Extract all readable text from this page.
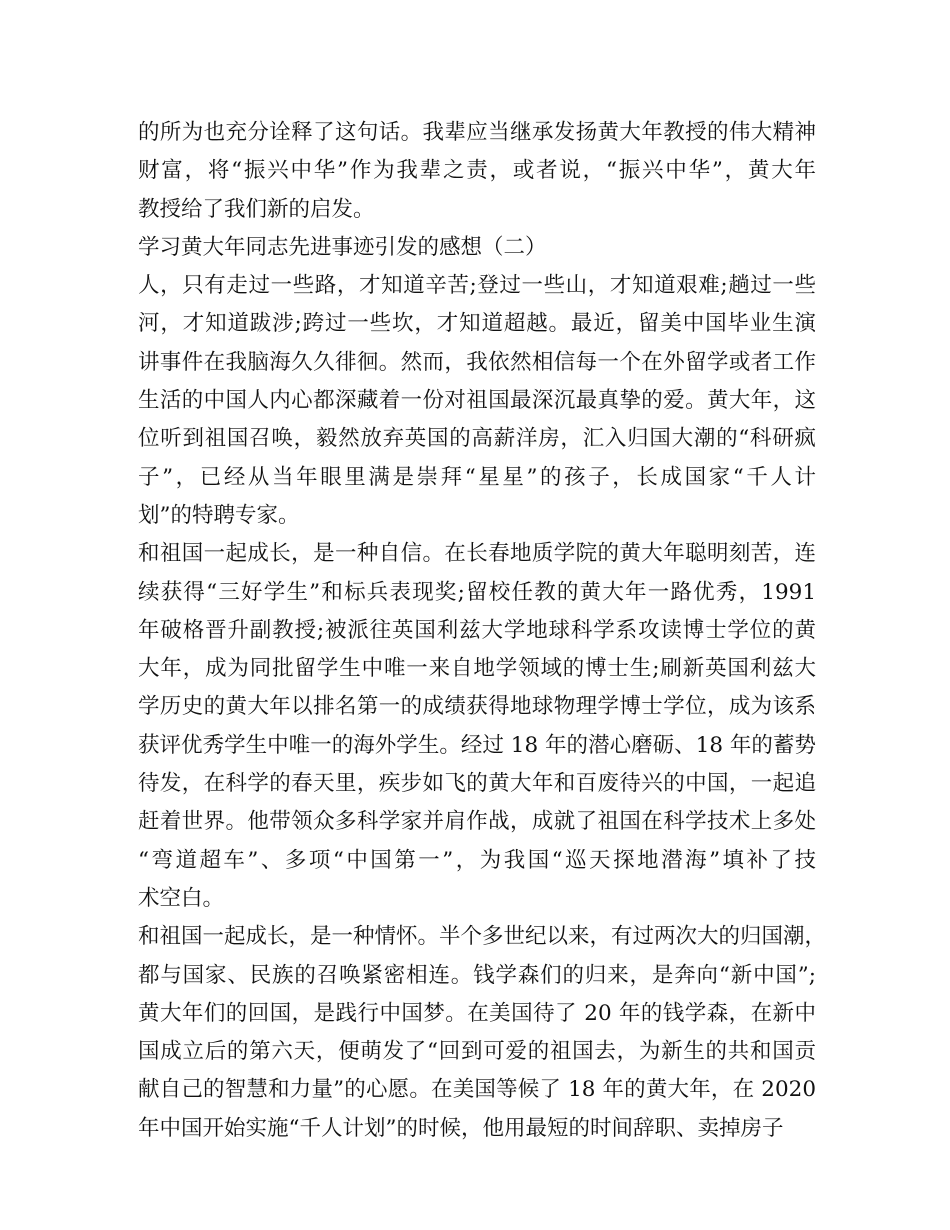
的所为也充分诠释了这句话。我辈应当继承发扬黄大年教授的伟大精神
财富，将“振兴中华”作为我辈之责，或者说，“振兴中华”，黄大年
教授给了我们新的启发。
学习黄大年同志先进事迹引发的感想（二）
人，只有走过一些路，才知道辛苦;登过一些山，才知道艰难;趟过一些
河，才知道跋涉;跨过一些坎，才知道超越。最近，留美中国毕业生演
讲事件在我脑海久久徘徊。然而，我依然相信每一个在外留学或者工作
生活的中国人内心都深藏着一份对祖国最深沉最真挚的爱。黄大年，这
位听到祖国召唤，毅然放弃英国的高薪洋房，汇入归国大潮的“科研疯
子”，已经从当年眼里满是崇拜“星星”的孩子，长成国家“千人计
划”的特聘专家。
和祖国一起成长，是一种自信。在长春地质学院的黄大年聪明刻苦，连
续获得“三好学生”和标兵表现奖;留校任教的黄大年一路优秀，1991
年破格晋升副教授;被派往英国利兹大学地球科学系攻读博士学位的黄
大年，成为同批留学生中唯一来自地学领域的博士生;刷新英国利兹大
学历史的黄大年以排名第一的成绩获得地球物理学博士学位，成为该系
获评优秀学生中唯一的海外学生。经过 18 年的潜心磨砺、18 年的蓄势
待发，在科学的春天里，疾步如飞的黄大年和百废待兴的中国，一起追
赶着世界。他带领众多科学家并肩作战，成就了祖国在科学技术上多处
“弯道超车”、多项“中国第一”，为我国“巡天探地潜海”填补了技
术空白。
和祖国一起成长，是一种情怀。半个多世纪以来，有过两次大的归国潮，
都与国家、民族的召唤紧密相连。钱学森们的归来，是奔向“新中国”;
黄大年们的回国，是践行中国梦。在美国待了 20 年的钱学森，在新中
国成立后的第六天，便萌发了“回到可爱的祖国去，为新生的共和国贡
献自己的智慧和力量”的心愿。在美国等候了 18 年的黄大年，在 2020
年中国开始实施“千人计划”的时候，他用最短的时间辞职、卖掉房子
